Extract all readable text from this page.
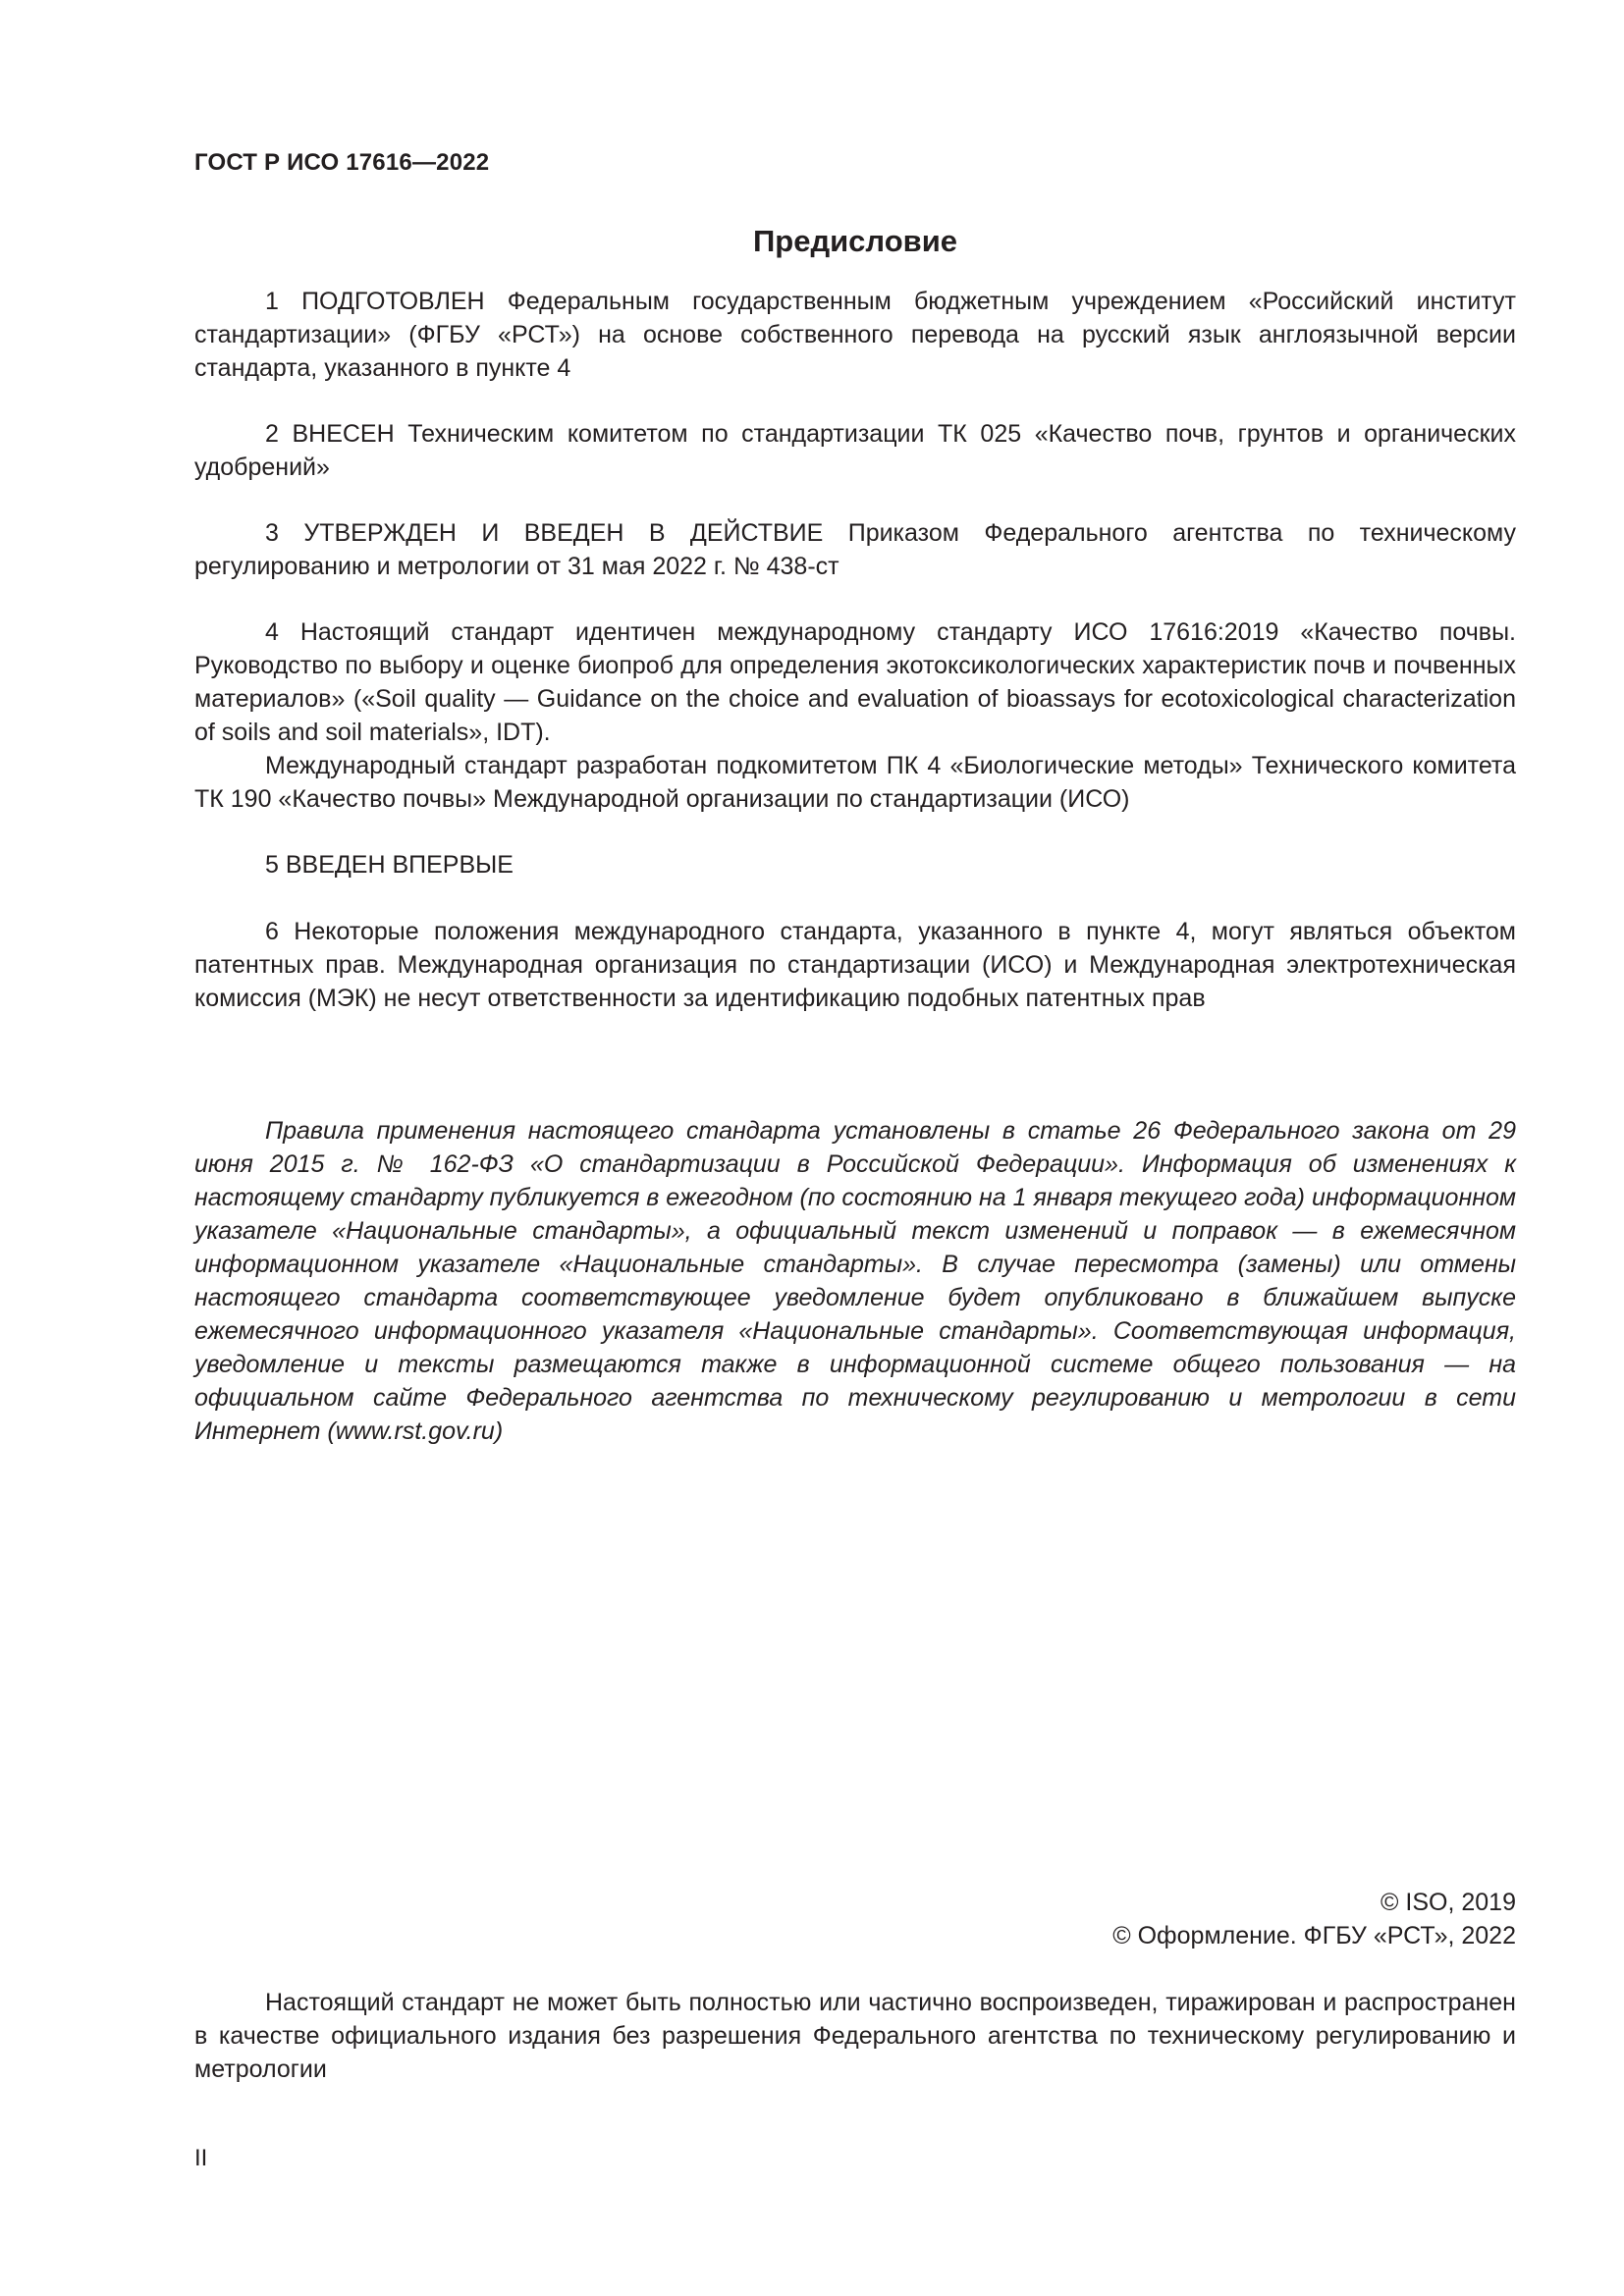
ГОСТ Р ИСО 17616—2022
Предисловие

1 ПОДГОТОВЛЕН Федеральным государственным бюджетным учреждением «Российский институт стандартизации» (ФГБУ «РСТ») на основе собственного перевода на русский язык англоязычной версии стандарта, указанного в пункте 4

2 ВНЕСЕН Техническим комитетом по стандартизации ТК 025 «Качество почв, грунтов и органических удобрений»

3 УТВЕРЖДЕН И ВВЕДЕН В ДЕЙСТВИЕ Приказом Федерального агентства по техническому регулированию и метрологии от 31 мая 2022 г. № 438-ст

4 Настоящий стандарт идентичен международному стандарту ИСО 17616:2019 «Качество почвы. Руководство по выбору и оценке биопроб для определения экотоксикологических характеристик почв и почвенных материалов» («Soil quality — Guidance on the choice and evaluation of bioassays for ecotoxicological characterization of soils and soil materials», IDT).

Международный стандарт разработан подкомитетом ПК 4 «Биологические методы» Технического комитета ТК 190 «Качество почвы» Международной организации по стандартизации (ИСО)

5 ВВЕДЕН ВПЕРВЫЕ

6 Некоторые положения международного стандарта, указанного в пункте 4, могут являться объектом патентных прав. Международная организация по стандартизации (ИСО) и Международная электротехническая комиссия (МЭК) не несут ответственности за идентификацию подобных патентных прав

Правила применения настоящего стандарта установлены в статье 26 Федерального закона от 29 июня 2015 г. № 162-ФЗ «О стандартизации в Российской Федерации». Информация об изменениях к настоящему стандарту публикуется в ежегодном (по состоянию на 1 января текущего года) информационном указателе «Национальные стандарты», а официальный текст изменений и поправок — в ежемесячном информационном указателе «Национальные стандарты». В случае пересмотра (замены) или отмены настоящего стандарта соответствующее уведомление будет опубликовано в ближайшем выпуске ежемесячного информационного указателя «Национальные стандарты». Соответствующая информация, уведомление и тексты размещаются также в информационной системе общего пользования — на официальном сайте Федерального агентства по техническому регулированию и метрологии в сети Интернет (www.rst.gov.ru)

© ISO, 2019
© Оформление. ФГБУ «РСТ», 2022

Настоящий стандарт не может быть полностью или частично воспроизведен, тиражирован и распространен в качестве официального издания без разрешения Федерального агентства по техническому регулированию и метрологии

II
